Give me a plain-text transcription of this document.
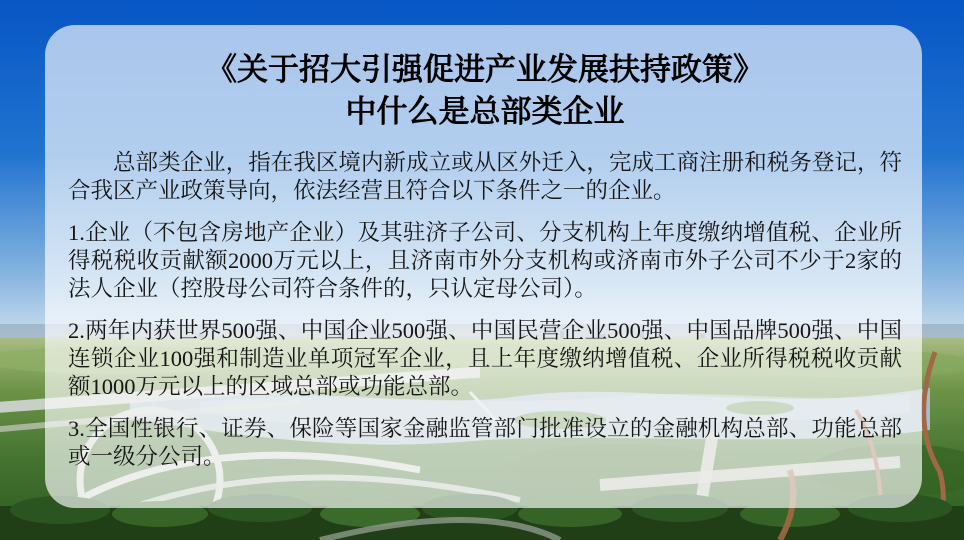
《关于招大引强促进产业发展扶持政策》
中什么是总部类企业

总部类企业，指在我区境内新成立或从区外迁入，完成工商注册和税务登记，符合我区产业政策导向，依法经营且符合以下条件之一的企业。

1.企业（不包含房地产企业）及其驻济子公司、分支机构上年度缴纳增值税、企业所得税税收贡献额2000万元以上，且济南市外分支机构或济南市外子公司不少于2家的法人企业（控股母公司符合条件的，只认定母公司）。

2.两年内获世界500强、中国企业500强、中国民营企业500强、中国品牌500强、中国连锁企业100强和制造业单项冠军企业，且上年度缴纳增值税、企业所得税税收贡献额1000万元以上的区域总部或功能总部。

3.全国性银行、证券、保险等国家金融监管部门批准设立的金融机构总部、功能总部或一级分公司。
